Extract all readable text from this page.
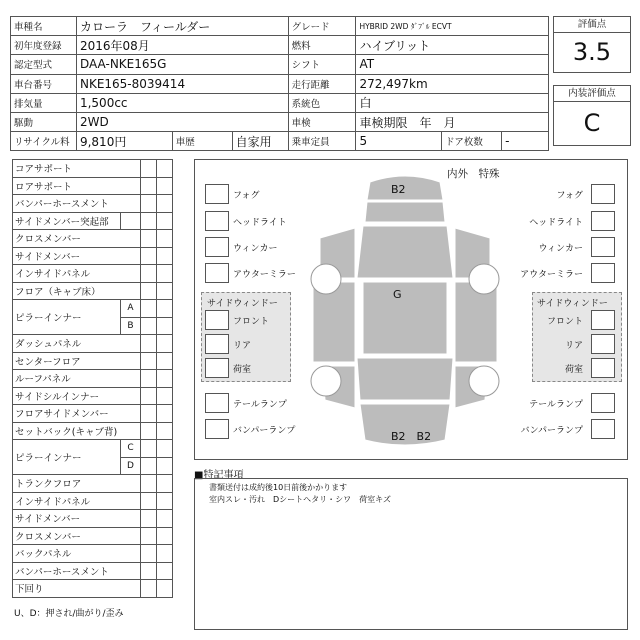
車種名	カローラ　フィールダー			グレード	HYBRID 2WD ﾀﾞﾌﾞﾙ ECVT		
初年度登録	2016年08月			燃料	ハイブリット		
認定型式	DAA-NKE165G			シフト	AT		
車台番号	NKE165-8039414			走行距離	272,497km		
排気量	1,500cc			系統色	白		
駆動	2WD			車検	車検期限　年　月		
リサイクル料	9,810円	車歴	自家用	乗車定員	5	ドア枚数	-
評価点
3.5
内装評価点
C
コアサポート			
ロアサポート			
バンパーホースメント			
サイドメンバー突起部			
クロスメンバー			
サイドメンバー			
インサイドパネル			
フロア（キャブ床）			
ピラーインナー	A		
	B		
ダッシュパネル			
センターフロア			
ルーフパネル			
サイドシルインナー			
フロアサイドメンバー			
セットバック(キャブ背)			
ピラーインナー	C		
	D		
トランクフロア			
インサイドパネル			
サイドメンバー			
クロスメンバー			
バックパネル			
バンパーホースメント			
下回り			
U、D：押され/曲がり/歪み
内外　特殊
B2
G
B2　B2
フォグ	フォグ
ヘッドライト	ヘッドライト
ウィンカー	ウィンカー
アウターミラー	アウターミラー
サイドウィンドー	サイドウィンドー
フロント	フロント
リア	リア
荷室	荷室
テールランプ	テールランプ
バンパーランプ	バンパーランプ
■特記事項
書類送付は成約後10日前後かかります
室内スレ・汚れ　Dシートヘタリ・シワ　荷室キズ
